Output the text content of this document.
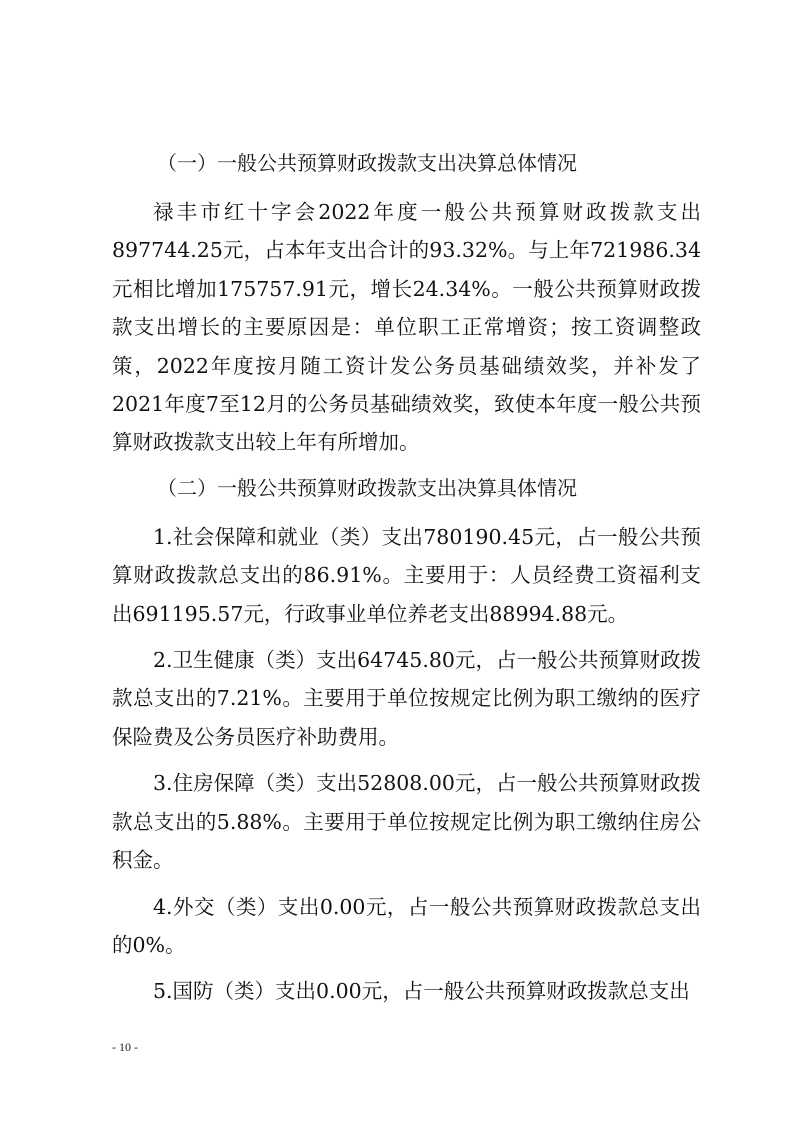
（一）一般公共预算财政拨款支出决算总体情况

禄丰市红十字会2022年度一般公共预算财政拨款支出897744.25元，占本年支出合计的93.32%。与上年721986.34元相比增加175757.91元，增长24.34%。一般公共预算财政拨款支出增长的主要原因是：单位职工正常增资；按工资调整政策，2022年度按月随工资计发公务员基础绩效奖，并补发了2021年度7至12月的公务员基础绩效奖，致使本年度一般公共预算财政拨款支出较上年有所增加。

（二）一般公共预算财政拨款支出决算具体情况

1.社会保障和就业（类）支出780190.45元，占一般公共预算财政拨款总支出的86.91%。主要用于：人员经费工资福利支出691195.57元，行政事业单位养老支出88994.88元。

2.卫生健康（类）支出64745.80元，占一般公共预算财政拨款总支出的7.21%。主要用于单位按规定比例为职工缴纳的医疗保险费及公务员医疗补助费用。

3.住房保障（类）支出52808.00元，占一般公共预算财政拨款总支出的5.88%。主要用于单位按规定比例为职工缴纳住房公积金。

4.外交（类）支出0.00元，占一般公共预算财政拨款总支出的0%。

5.国防（类）支出0.00元，占一般公共预算财政拨款总支出

- 10 -
